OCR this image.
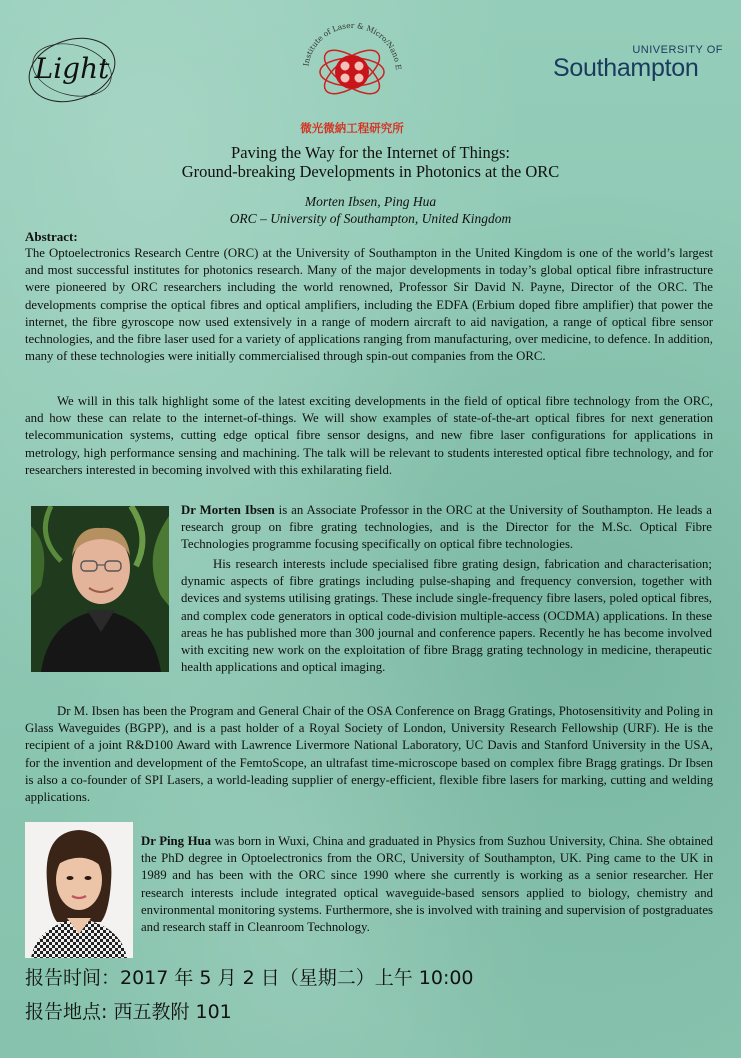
Light	Institute of Laser & Micro/Nano E
微光微納工程研究所
UNIVERSITY OF
Southampton
Paving the Way for the Internet of Things:
Ground-breaking Developments in Photonics at the ORC
Morten Ibsen, Ping Hua
ORC – University of Southampton, United Kingdom
Abstract:
The Optoelectronics Research Centre (ORC) at the University of Southampton in the United Kingdom is one of the world’s largest and most successful institutes for photonics research. Many of the major developments in today’s global optical fibre infrastructure were pioneered by ORC researchers including the world renowned, Professor Sir David N. Payne, Director of the ORC. The developments comprise the optical fibres and optical amplifiers, including the EDFA (Erbium doped fibre amplifier) that power the internet, the fibre gyroscope now used extensively in a range of modern aircraft to aid navigation, a range of optical fibre sensor technologies, and the fibre laser used for a variety of applications ranging from manufacturing, over medicine, to defence. In addition, many of these technologies were initially commercialised through spin-out companies from the ORC.
We will in this talk highlight some of the latest exciting developments in the field of optical fibre technology from the ORC, and how these can relate to the internet-of-things. We will show examples of state-of-the-art optical fibres for next generation telecommunication systems, cutting edge optical fibre sensor designs, and new fibre laser configurations for applications in metrology, high performance sensing and machining. The talk will be relevant to students interested optical fibre technology, and for researchers interested in becoming involved with this exhilarating field.
Dr Morten Ibsen is an Associate Professor in the ORC at the University of Southampton. He leads a research group on fibre grating technologies, and is the Director for the M.Sc. Optical Fibre Technologies programme focusing specifically on optical fibre technologies.
His research interests include specialised fibre grating design, fabrication and characterisation; dynamic aspects of fibre gratings including pulse-shaping and frequency conversion, together with devices and systems utilising gratings. These include single-frequency fibre lasers, poled optical fibres, and complex code generators in optical code-division multiple-access (OCDMA) applications. In these areas he has published more than 300 journal and conference papers. Recently he has become involved with exciting new work on the exploitation of fibre Bragg grating technology in medicine, therapeutic health applications and optical imaging.
Dr M. Ibsen has been the Program and General Chair of the OSA Conference on Bragg Gratings, Photosensitivity and Poling in Glass Waveguides (BGPP), and is a past holder of a Royal Society of London, University Research Fellowship (URF). He is the recipient of a joint R&D100 Award with Lawrence Livermore National Laboratory, UC Davis and Stanford University in the USA, for the invention and development of the FemtoScope, an ultrafast time-microscope based on complex fibre Bragg gratings. Dr Ibsen is also a co-founder of SPI Lasers, a world-leading supplier of energy-efficient, flexible fibre lasers for marking, cutting and welding applications.
Dr Ping Hua was born in Wuxi, China and graduated in Physics from Suzhou University, China. She obtained the PhD degree in Optoelectronics from the ORC, University of Southampton, UK. Ping came to the UK in 1989 and has been with the ORC since 1990 where she currently is working as a senior researcher. Her research interests include integrated optical waveguide-based sensors applied to biology, chemistry and environmental monitoring systems. Furthermore, she is involved with training and supervision of postgraduates and research staff in Cleanroom Technology.
报告时间：2017 年 5 月 2 日（星期二）上午 10:00
报告地点: 西五教附 101
